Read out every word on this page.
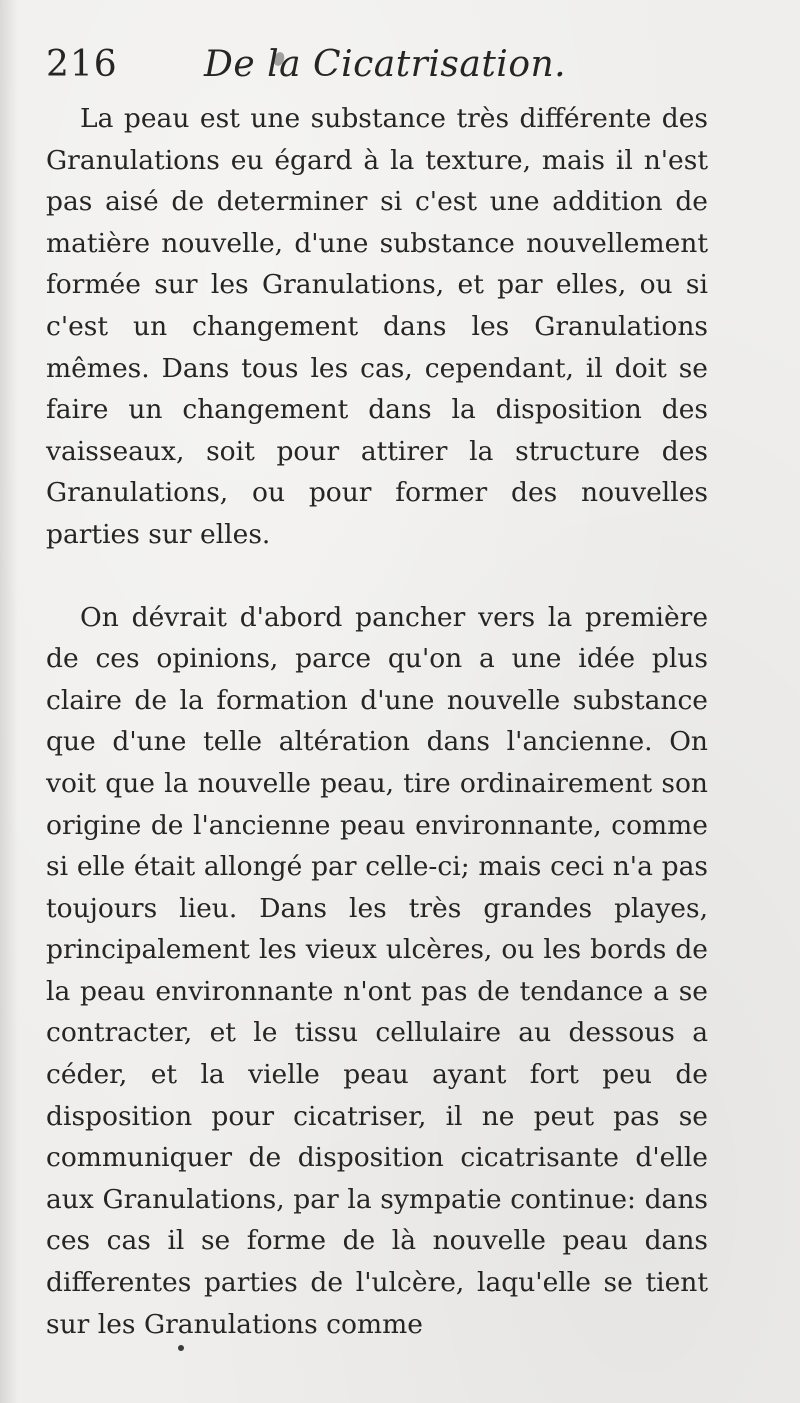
216 De la Cicatrisation.

La peau est une substance très différente des Granulations eu égard à la texture, mais il n'est pas aisé de determiner si c'est une addition de matière nouvelle, d'une substance nouvellement formée sur les Granulations, et par elles, ou si c'est un changement dans les Granulations mêmes. Dans tous les cas, cependant, il doit se faire un changement dans la disposition des vaisseaux, soit pour attirer la structure des Granulations, ou pour former des nouvelles parties sur elles.

On dévrait d'abord pancher vers la première de ces opinions, parce qu'on a une idée plus claire de la formation d'une nouvelle substance que d'une telle altération dans l'ancienne. On voit que la nouvelle peau, tire ordinairement son origine de l'ancienne peau environnante, comme si elle était allongé par celle-ci; mais ceci n'a pas toujours lieu. Dans les très grandes playes, principalement les vieux ulcères, ou les bords de la peau environnante n'ont pas de tendance a se contracter, et le tissu cellulaire au dessous a céder, et la vielle peau ayant fort peu de disposition pour cicatriser, il ne peut pas se communiquer de disposition cicatrisante d'elle aux Granulations, par la sympatie continue: dans ces cas il se forme de là nouvelle peau dans differentes parties de l'ulcère, laqu'elle se tient sur les Granulations comme
